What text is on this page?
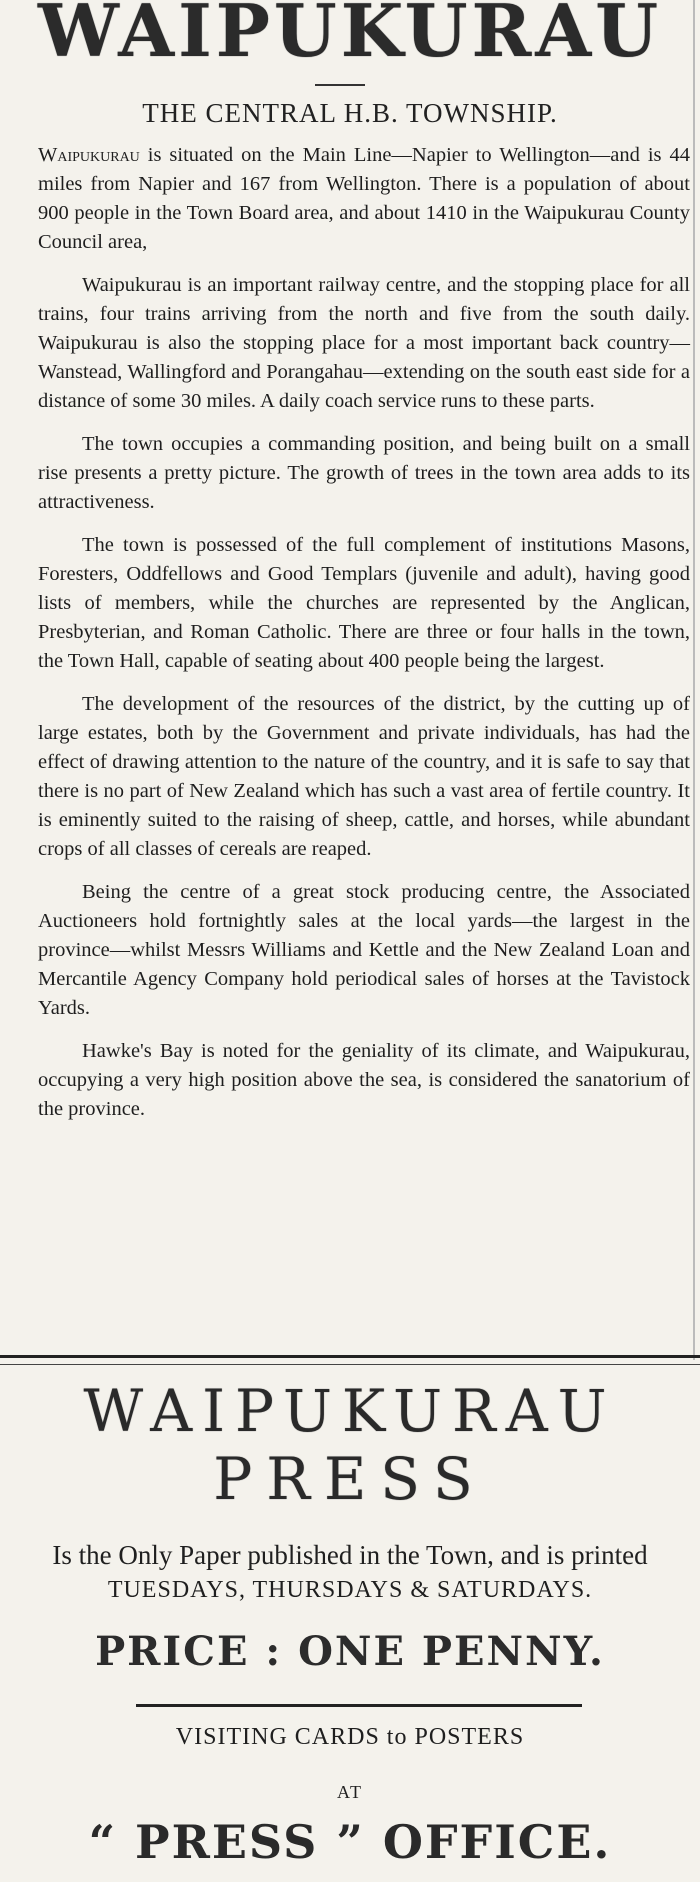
WAIPUKURAU
THE CENTRAL H.B. TOWNSHIP.

Waipukurau is situated on the Main Line—Napier to Wellington—and is 44 miles from Napier and 167 from Wellington. There is a population of about 900 people in the Town Board area, and about 1410 in the Waipukurau County Council area,

Waipukurau is an important railway centre, and the stopping place for all trains, four trains arriving from the north and five from the south daily. Waipukurau is also the stopping place for a most important back country—Wanstead, Wallingford and Porangahau—extending on the south east side for a distance of some 30 miles. A daily coach service runs to these parts.

The town occupies a commanding position, and being built on a small rise presents a pretty picture. The growth of trees in the town area adds to its attractiveness.

The town is possessed of the full complement of institutions Masons, Foresters, Oddfellows and Good Templars (juvenile and adult), having good lists of members, while the churches are represented by the Anglican, Presbyterian, and Roman Catholic. There are three or four halls in the town, the Town Hall, capable of seating about 400 people being the largest.

The development of the resources of the district, by the cutting up of large estates, both by the Government and private individuals, has had the effect of drawing attention to the nature of the country, and it is safe to say that there is no part of New Zealand which has such a vast area of fertile country. It is eminently suited to the raising of sheep, cattle, and horses, while abundant crops of all classes of cereals are reaped.

Being the centre of a great stock producing centre, the Associated Auctioneers hold fortnightly sales at the local yards—the largest in the province—whilst Messrs Williams and Kettle and the New Zealand Loan and Mercantile Agency Company hold periodical sales of horses at the Tavistock Yards.

Hawke's Bay is noted for the geniality of its climate, and Waipukurau, occupying a very high position above the sea, is considered the sanatorium of the province.

WAIPUKURAU
PRESS
Is the Only Paper published in the Town, and is printed
TUESDAYS, THURSDAYS & SATURDAYS.
PRICE : ONE PENNY.
VISITING CARDS to POSTERS
AT
“ PRESS ” OFFICE.
